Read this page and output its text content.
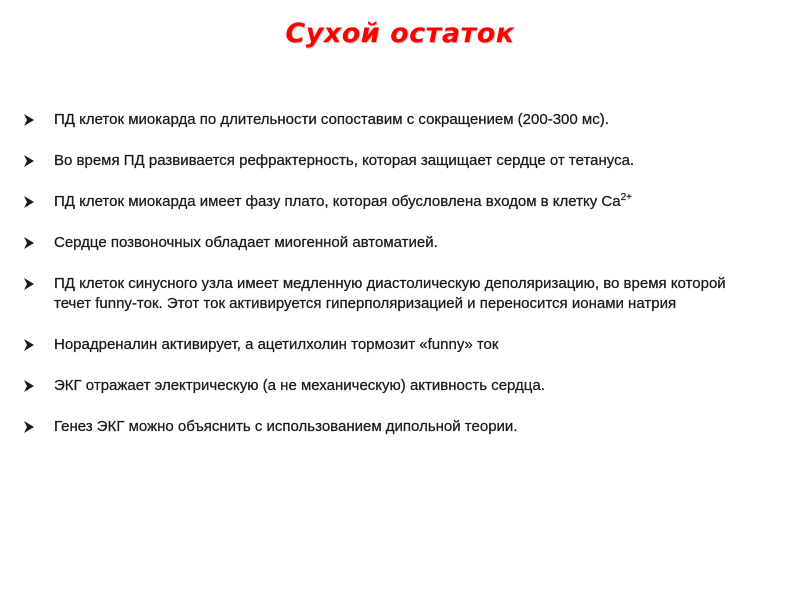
Сухой остаток
ПД клеток миокарда по длительности сопоставим с сокращением (200-300 мс).
Во время ПД развивается рефрактерность, которая защищает сердце от тетануса.
ПД клеток миокарда имеет фазу плато, которая обусловлена входом в клетку $Ca^{2+}$
Сердце позвоночных обладает миогенной автоматией.
ПД клеток синусного узла имеет медленную диастолическую деполяризацию, во время которой течет funny-ток. Этот ток активируется гиперполяризацией и переносится ионами натрия
Норадреналин активирует, а ацетилхолин тормозит «funny» ток
ЭКГ отражает электрическую (а не механическую) активность сердца.
Генез ЭКГ можно объяснить с использованием дипольной теории.
